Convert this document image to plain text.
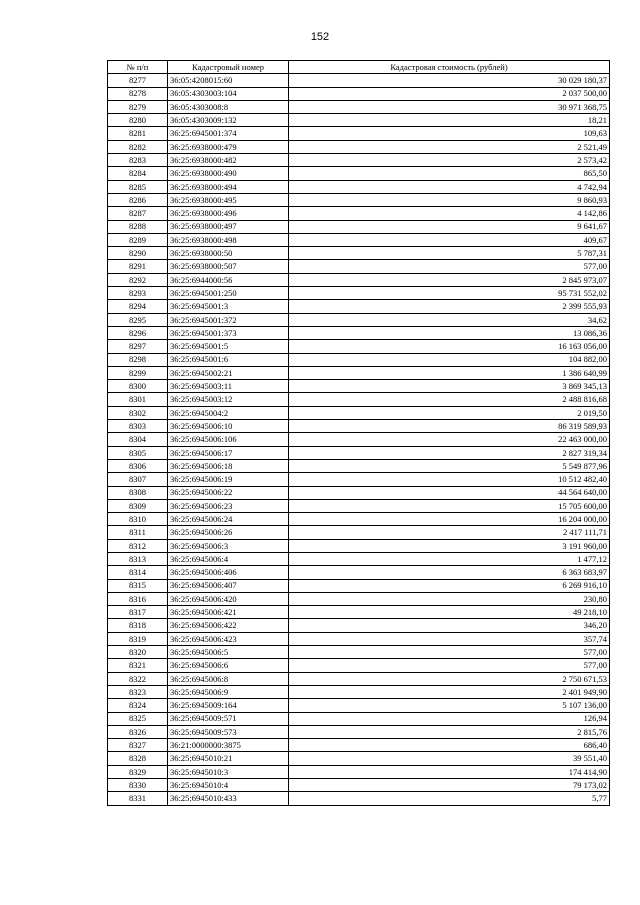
152
№ п/п	Кадастровый номер	Кадастровая стоимость (рублей)
8277	36:05:4208015:60	30 029 180,37
8278	36:05:4303003:104	2 037 500,00
8279	36:05:4303008:8	30 971 368,75
8280	36:05:4303009:132	18,21
8281	36:25:6945001:374	109,63
8282	36:25:6938000:479	2 521,49
8283	36:25:6938000:482	2 573,42
8284	36:25:6938000:490	865,50
8285	36:25:6938000:494	4 742,94
8286	36:25:6938000:495	9 860,93
8287	36:25:6938000:496	4 142,86
8288	36:25:6938000:497	9 641,67
8289	36:25:6938000:498	409,67
8290	36:25:6938000:50	5 787,31
8291	36:25:6938000:507	577,00
8292	36:25:6944000:56	2 845 973,07
8293	36:25:6945001:250	95 731 552,02
8294	36:25:6945001:3	2 399 555,93
8295	36:25:6945001:372	34,62
8296	36:25:6945001:373	13 086,36
8297	36:25:6945001:5	16 163 056,00
8298	36:25:6945001:6	104 882,00
8299	36:25:6945002:21	1 386 640,99
8300	36:25:6945003:11	3 869 345,13
8301	36:25:6945003:12	2 488 816,68
8302	36:25:6945004:2	2 019,50
8303	36:25:6945006:10	86 319 589,93
8304	36:25:6945006:106	22 463 000,00
8305	36:25:6945006:17	2 827 319,34
8306	36:25:6945006:18	5 549 877,96
8307	36:25:6945006:19	10 512 482,40
8308	36:25:6945006:22	44 564 640,00
8309	36:25:6945006:23	15 705 600,00
8310	36:25:6945006:24	16 204 000,00
8311	36:25:6945006:26	2 417 111,71
8312	36:25:6945006:3	3 191 960,00
8313	36:25:6945006:4	1 477,12
8314	36:25:6945006:406	6 363 683,97
8315	36:25:6945006:407	6 269 916,10
8316	36:25:6945006:420	230,80
8317	36:25:6945006:421	49 218,10
8318	36:25:6945006:422	346,20
8319	36:25:6945006:423	357,74
8320	36:25:6945006:5	577,00
8321	36:25:6945006:6	577,00
8322	36:25:6945006:8	2 750 671,53
8323	36:25:6945006:9	2 401 949,90
8324	36:25:6945009:164	5 107 136,00
8325	36:25:6945009:571	126,94
8326	36:25:6945009:573	2 815,76
8327	36:21:0000000:3875	686,40
8328	36:25:6945010:21	39 551,40
8329	36:25:6945010:3	174 414,90
8330	36:25:6945010:4	79 173,02
8331	36:25:6945010:433	5,77
